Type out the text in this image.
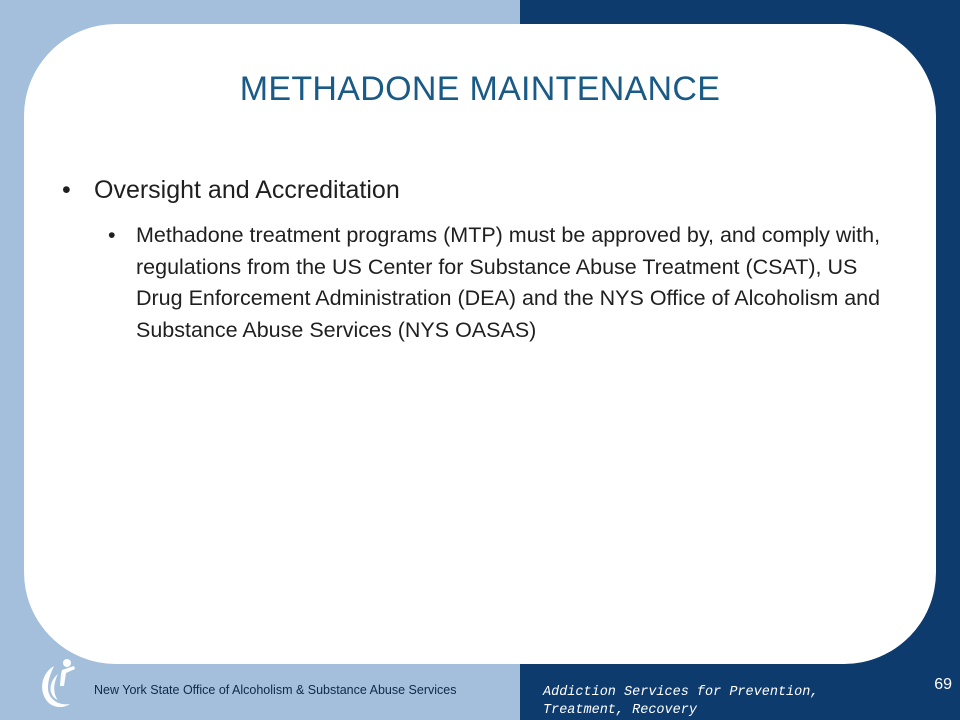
METHADONE MAINTENANCE
• Oversight and Accreditation
• Methadone treatment programs (MTP) must be approved by, and comply with, regulations from the US Center for Substance Abuse Treatment (CSAT), US Drug Enforcement Administration (DEA) and the NYS Office of Alcoholism and Substance Abuse Services (NYS OASAS)
New York State Office of Alcoholism & Substance Abuse Services	Addiction Services for Prevention,
Treatment, Recovery
69
